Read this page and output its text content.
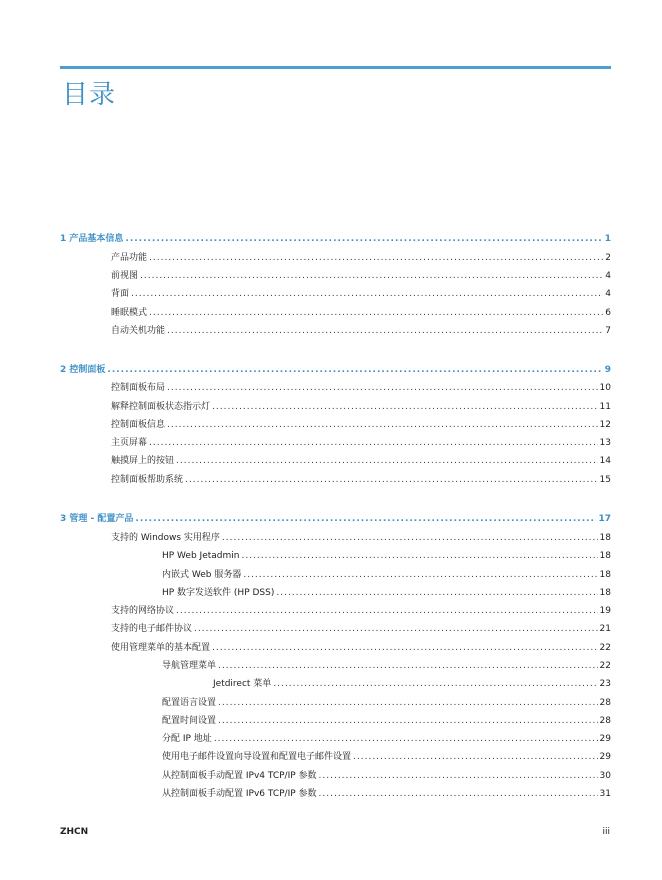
目录
1 产品基本信息 .....	1
产品功能 .....	2
前视图 .....	4
背面 .....	4
睡眠模式 .....	6
自动关机功能 .....	7
2 控制面板 .....	9
控制面板布局 .....	10
解释控制面板状态指示灯 .....	11
控制面板信息 .....	12
主页屏幕 .....	13
触摸屏上的按钮 .....	14
控制面板帮助系统 .....	15
3 管理 - 配置产品 .....	17
支持的 Windows 实用程序 .....	18
HP Web Jetadmin .....	18
内嵌式 Web 服务器 .....	18
HP 数字发送软件 (HP DSS) .....	18
支持的网络协议 .....	19
支持的电子邮件协议 .....	21
使用管理菜单的基本配置 .....	22
导航管理菜单 .....	22
Jetdirect 菜单 .....	23
配置语言设置 .....	28
配置时间设置 .....	28
分配 IP 地址 .....	29
使用电子邮件设置向导设置和配置电子邮件设置 .....	29
从控制面板手动配置 IPv4 TCP/IP 参数 .....	30
从控制面板手动配置 IPv6 TCP/IP 参数 .....	31
ZHCN	iii
